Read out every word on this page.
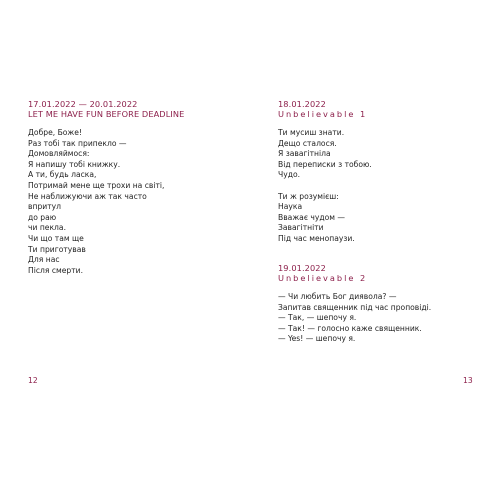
17.01.2022 — 20.01.2022
LET ME HAVE FUN BEFORE DEADLINE
Добре, Боже!
Раз тобі так припекло —
Домовляймося:
Я напишу тобі книжку.
А ти, будь ласка,
Потримай мене ще трохи на світі,
Не наближуючи аж так часто
впритул
до раю
чи пекла.
Чи що там ще
Ти приготував
Для нас
Після смерти.
12
18.01.2022
Unbelievable 1
Ти мусиш знати.
Дещо сталося.
Я завагітніла
Від переписки з тобою.
Чудо.
Ти ж розумієш:
Наука
Вважає чудом —
Завагітніти
Під час менопаузи.
19.01.2022
Unbelievable 2
— Чи любить Бог диявола? —
Запитав священник під час проповіді.
— Так, — шепочу я.
— Так! — голосно каже священник.
— Yes! — шепочу я.
13
